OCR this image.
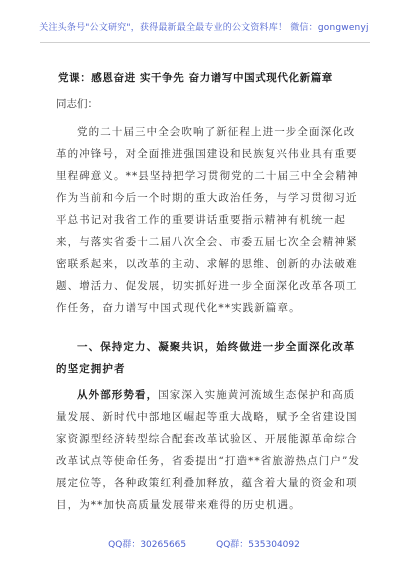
关注头条号"公文研究"，获得最新最全最专业的公文资料库！ 微信：gongwenyj
党课：感恩奋进 实干争先 奋力谱写中国式现代化新篇章
同志们：
党的二十届三中全会吹响了新征程上进一步全面深化改革的冲锋号，对全面推进强国建设和民族复兴伟业具有重要里程碑意义。**县坚持把学习贯彻党的二十届三中全会精神作为当前和今后一个时期的重大政治任务，与学习贯彻习近平总书记对我省工作的重要讲话重要指示精神有机统一起来，与落实省委十二届八次全会、市委五届七次全会精神紧密联系起来，以改革的主动、求解的思维、创新的办法破难题、增活力、促发展，切实抓好进一步全面深化改革各项工作任务，奋力谱写中国式现代化**实践新篇章。
一、保持定力、凝聚共识，始终做进一步全面深化改革的坚定拥护者
从外部形势看，国家深入实施黄河流域生态保护和高质量发展、新时代中部地区崛起等重大战略，赋予全省建设国家资源型经济转型综合配套改革试验区、开展能源革命综合改革试点等使命任务，省委提出“打造**省旅游热点门户”发展定位等，各种政策红利叠加释放，蕴含着大量的资金和项目，为**加快高质量发展带来难得的历史机遇。
QQ群：30265665	QQ群：535304092
